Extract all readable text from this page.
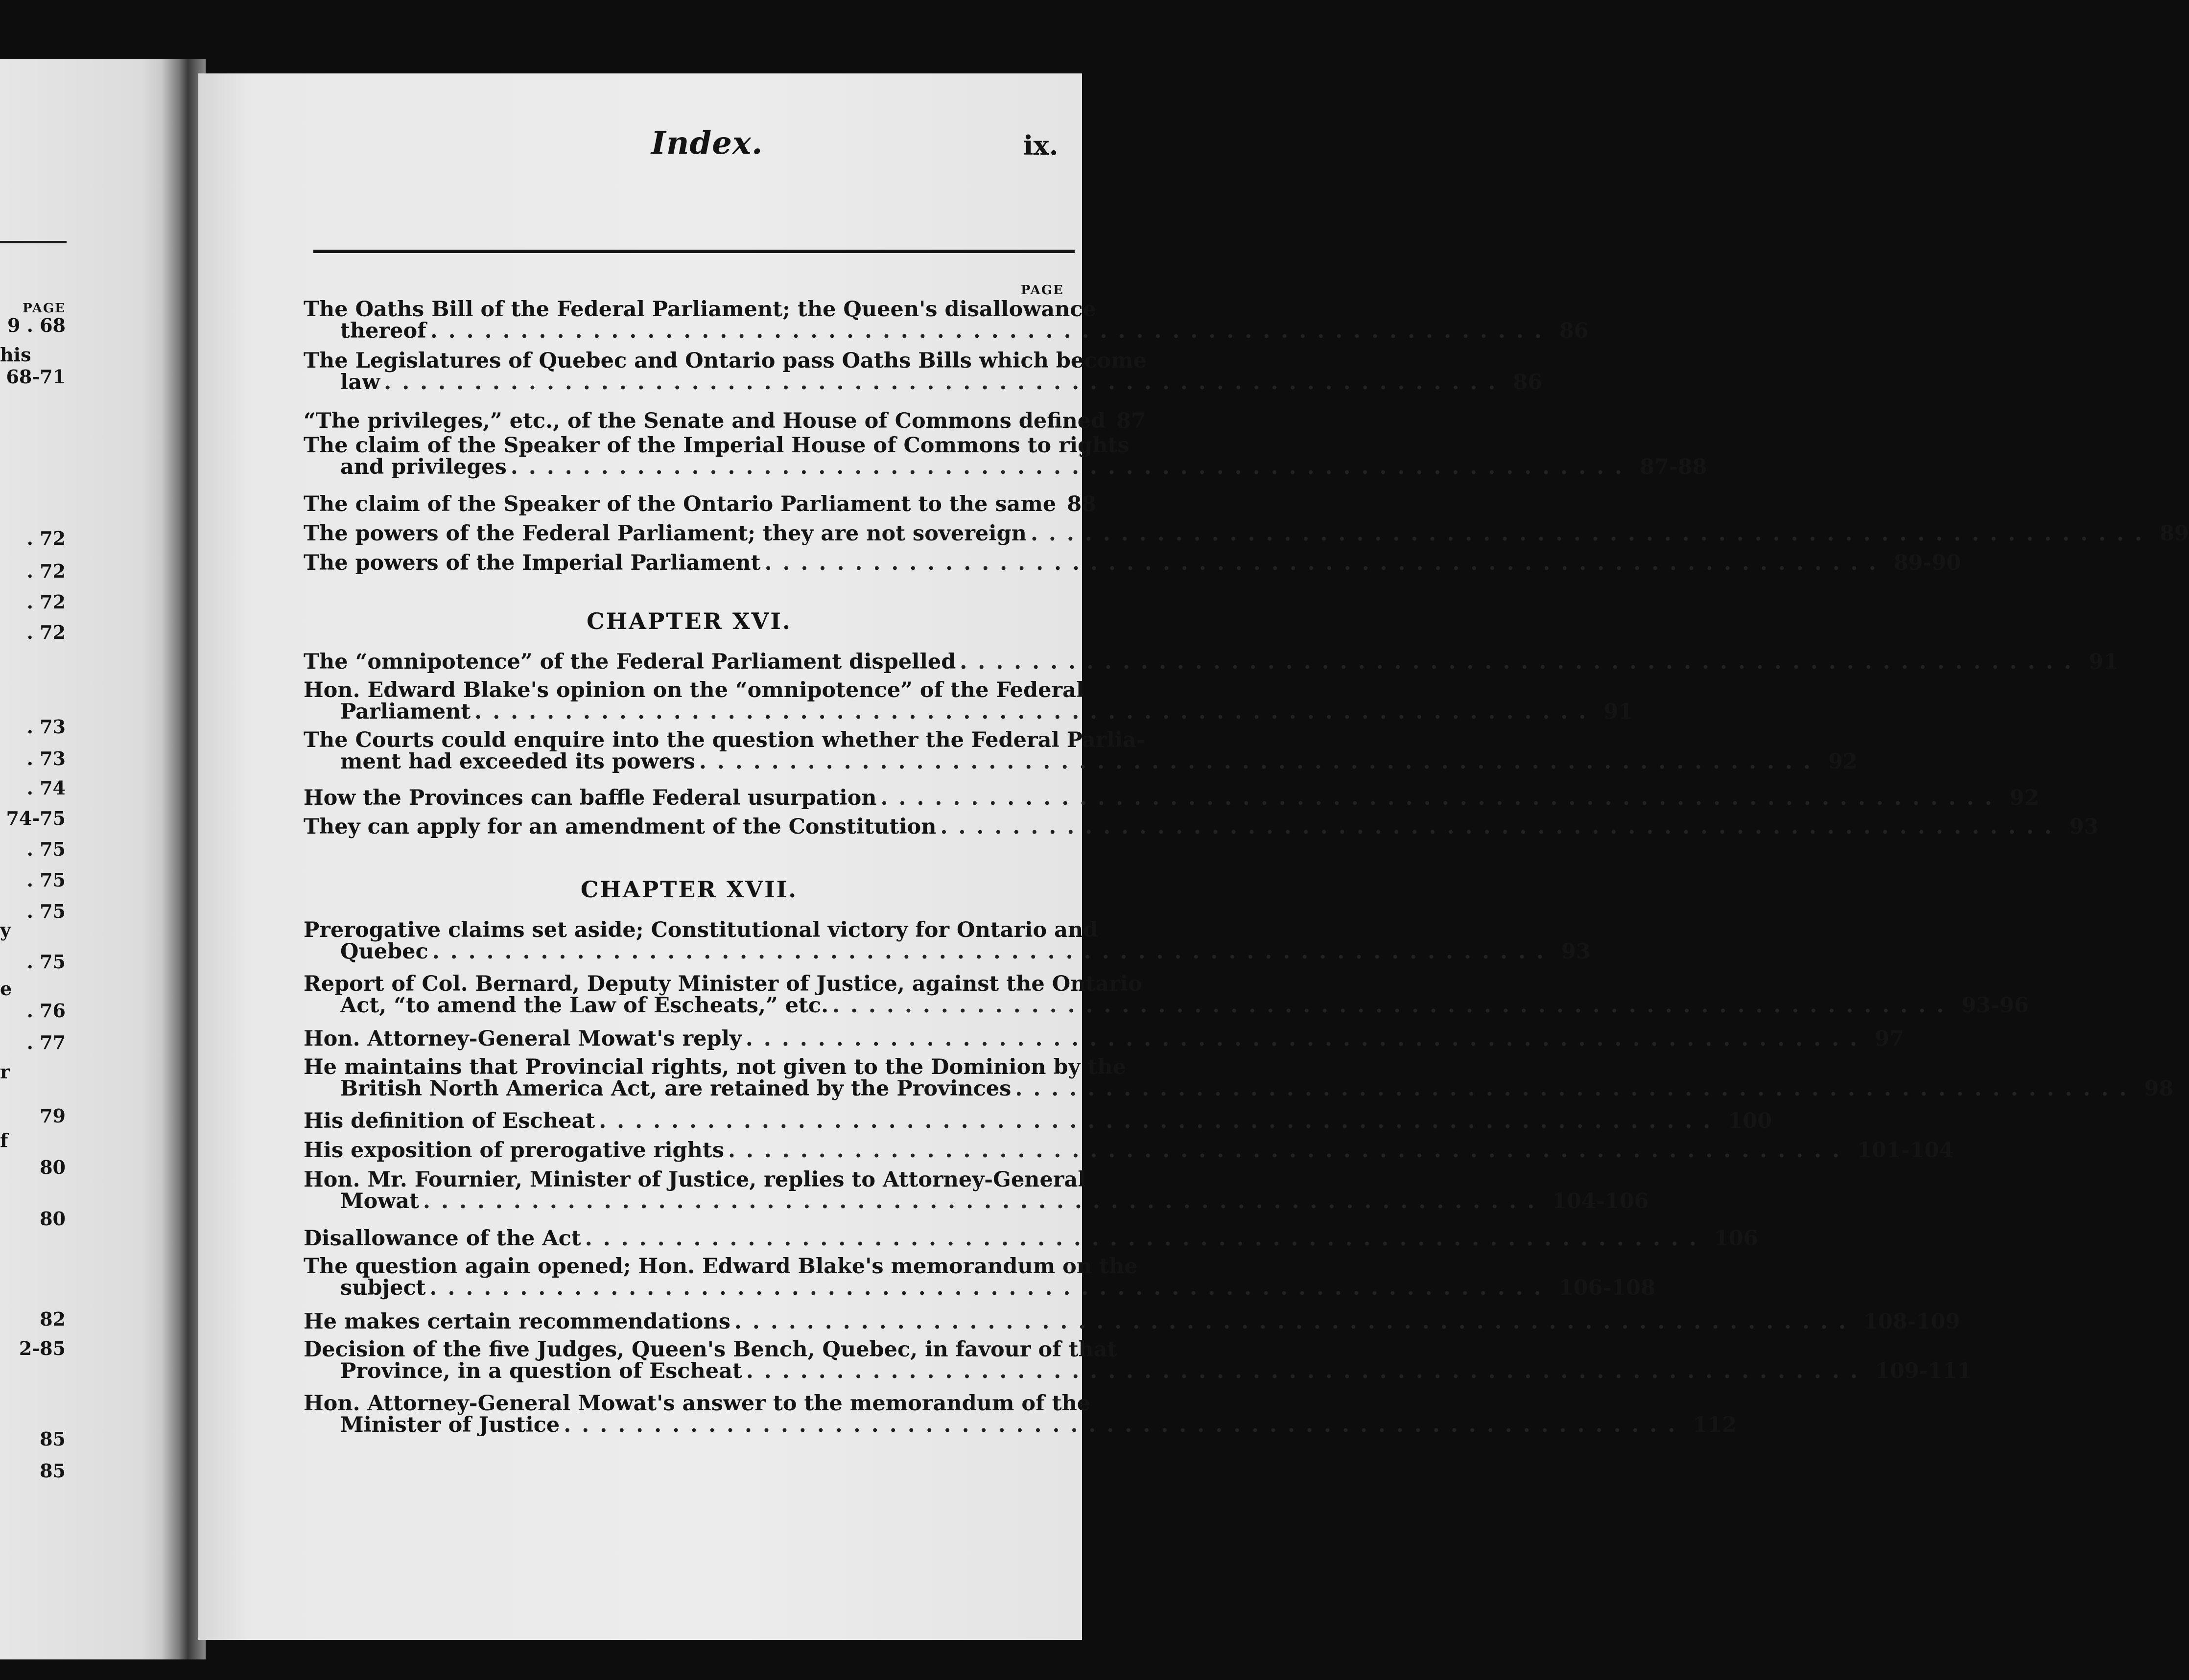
PAGE
9 . 68
his
68-71
. 72
. 72
. 72
. 72
. 73
. 73
. 74
74-75
. 75
. 75
. 75
y
. 75
e
. 76
. 77
r
79
f
80
80
82
2-85
85
85
Index.	ix.
PAGE
The Oaths Bill of the Federal Parliament; the Queen's disallowance
thereof .............................................................. 86
The Legislatures of Quebec and Ontario pass Oaths Bills which become
law .............................................................. 86
“The privileges,” etc., of the Senate and House of Commons defined 87
The claim of the Speaker of the Imperial House of Commons to rights
and privileges .............................................................. 87-88
The claim of the Speaker of the Ontario Parliament to the same 88
The powers of the Federal Parliament; they are not sovereign .............................................................. 89
The powers of the Imperial Parliament .............................................................. 89-90
CHAPTER XVI.
The “omnipotence” of the Federal Parliament dispelled .............................................................. 91
Hon. Edward Blake's opinion on the “omnipotence” of the Federal
Parliament .............................................................. 91
The Courts could enquire into the question whether the Federal Parlia-
ment had exceeded its powers .............................................................. 92
How the Provinces can baffle Federal usurpation .............................................................. 92
They can apply for an amendment of the Constitution .............................................................. 93
CHAPTER XVII.
Prerogative claims set aside; Constitutional victory for Ontario and
Quebec .............................................................. 93
Report of Col. Bernard, Deputy Minister of Justice, against the Ontario
Act, “to amend the Law of Escheats,” etc. .............................................................. 93-96
Hon. Attorney-General Mowat's reply .............................................................. 97
He maintains that Provincial rights, not given to the Dominion by the
British North America Act, are retained by the Provinces .............................................................. 98
His definition of Escheat .............................................................. 100
His exposition of prerogative rights .............................................................. 101-104
Hon. Mr. Fournier, Minister of Justice, replies to Attorney-General
Mowat .............................................................. 104-106
Disallowance of the Act .............................................................. 106
The question again opened; Hon. Edward Blake's memorandum on the
subject .............................................................. 106-108
He makes certain recommendations .............................................................. 108-109
Decision of the five Judges, Queen's Bench, Quebec, in favour of that
Province, in a question of Escheat .............................................................. 109-111
Hon. Attorney-General Mowat's answer to the memorandum of the
Minister of Justice .............................................................. 112
